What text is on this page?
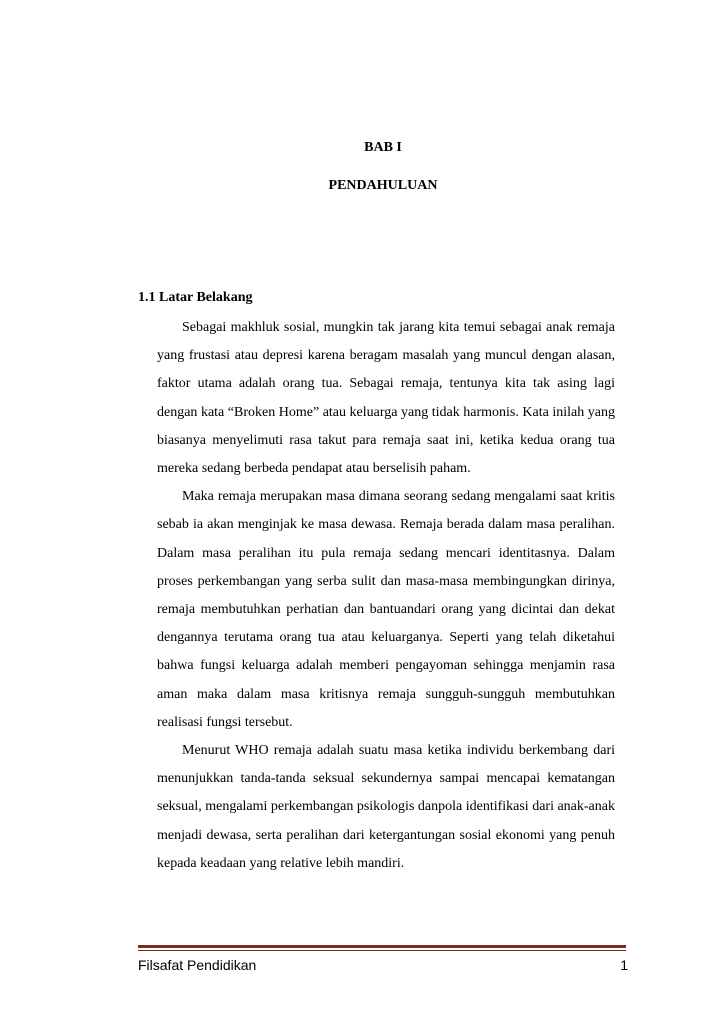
BAB I
PENDAHULUAN
1.1 Latar Belakang

Sebagai makhluk sosial, mungkin tak jarang kita temui sebagai anak remaja yang frustasi atau depresi karena beragam masalah yang muncul dengan alasan, faktor utama adalah orang tua. Sebagai remaja, tentunya kita tak asing lagi dengan kata “Broken Home” atau keluarga yang tidak harmonis. Kata inilah yang biasanya menyelimuti rasa takut para remaja saat ini, ketika kedua orang tua mereka sedang berbeda pendapat atau berselisih paham.

Maka remaja merupakan masa dimana seorang sedang mengalami saat kritis sebab ia akan menginjak ke masa dewasa. Remaja berada dalam masa peralihan. Dalam masa peralihan itu pula remaja sedang mencari identitasnya. Dalam proses perkembangan yang serba sulit dan masa-masa membingungkan dirinya, remaja membutuhkan perhatian dan bantuandari orang yang dicintai dan dekat dengannya terutama orang tua atau keluarganya. Seperti yang telah diketahui bahwa fungsi keluarga adalah memberi pengayoman sehingga menjamin rasa aman maka dalam masa kritisnya remaja sungguh-sungguh membutuhkan realisasi fungsi tersebut.

Menurut WHO remaja adalah suatu masa ketika individu berkembang dari menunjukkan tanda-tanda seksual sekundernya sampai mencapai kematangan seksual, mengalami perkembangan psikologis danpola identifikasi dari anak-anak menjadi dewasa, serta peralihan dari ketergantungan sosial ekonomi yang penuh kepada keadaan yang relative lebih mandiri.

Filsafat Pendidikan	1
